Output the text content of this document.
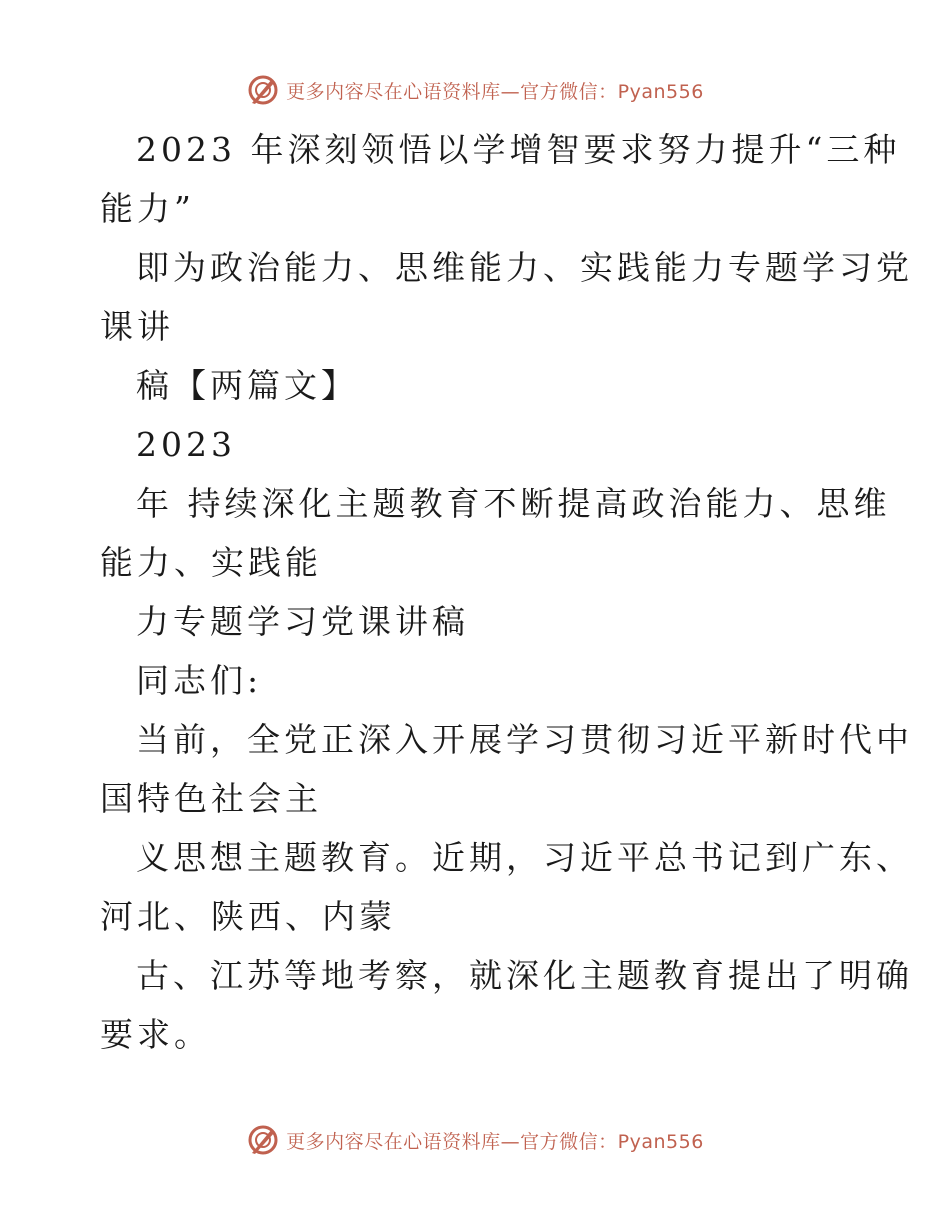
更多内容尽在心语资料库—官方微信：Pyan556
2023 年深刻领悟以学增智要求努力提升“三种
能力”
即为政治能力、思维能力、实践能力专题学习党
课讲
稿【两篇文】
2023
年 持续深化主题教育不断提高政治能力、思维
能力、实践能
力专题学习党课讲稿
同志们:
当前，全党正深入开展学习贯彻习近平新时代中
国特色社会主
义思想主题教育。近期，习近平总书记到广东、
河北、陕西、内蒙
古、江苏等地考察，就深化主题教育提出了明确
要求。
更多内容尽在心语资料库—官方微信：Pyan556
